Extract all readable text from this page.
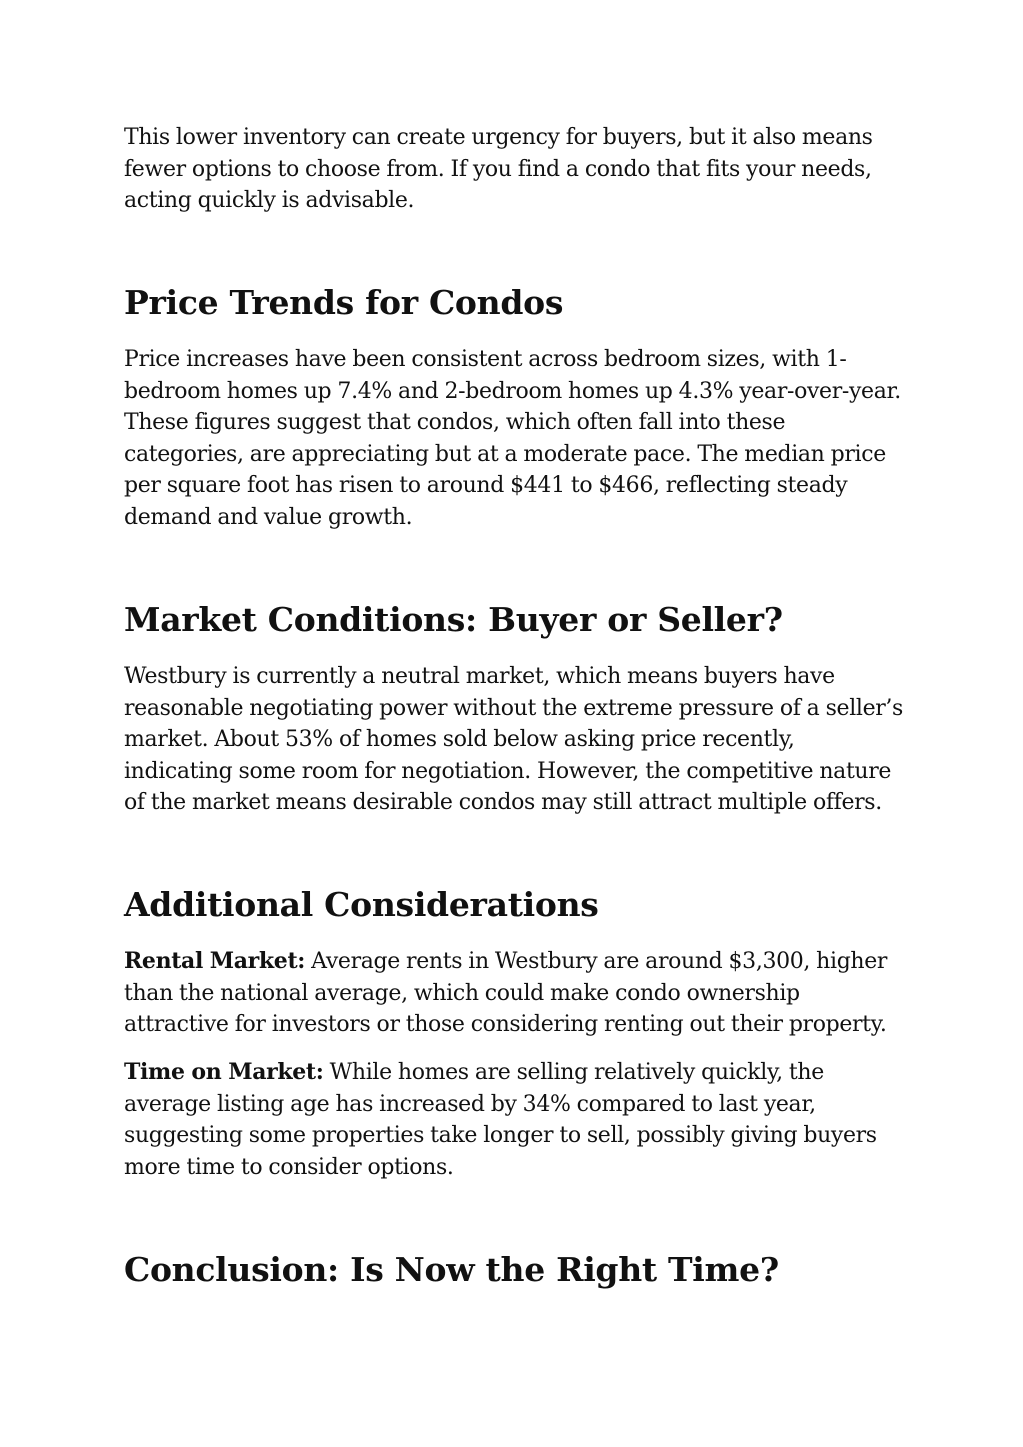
This lower inventory can create urgency for buyers, but it also means fewer options to choose from. If you find a condo that fits your needs, acting quickly is advisable.

Price Trends for Condos

Price increases have been consistent across bedroom sizes, with 1-bedroom homes up 7.4% and 2-bedroom homes up 4.3% year-over-year. These figures suggest that condos, which often fall into these categories, are appreciating but at a moderate pace. The median price per square foot has risen to around $441 to $466, reflecting steady demand and value growth.

Market Conditions: Buyer or Seller?

Westbury is currently a neutral market, which means buyers have reasonable negotiating power without the extreme pressure of a seller’s market. About 53% of homes sold below asking price recently, indicating some room for negotiation. However, the competitive nature of the market means desirable condos may still attract multiple offers.

Additional Considerations

Rental Market: Average rents in Westbury are around $3,300, higher than the national average, which could make condo ownership attractive for investors or those considering renting out their property.

Time on Market: While homes are selling relatively quickly, the average listing age has increased by 34% compared to last year, suggesting some properties take longer to sell, possibly giving buyers more time to consider options.

Conclusion: Is Now the Right Time?
